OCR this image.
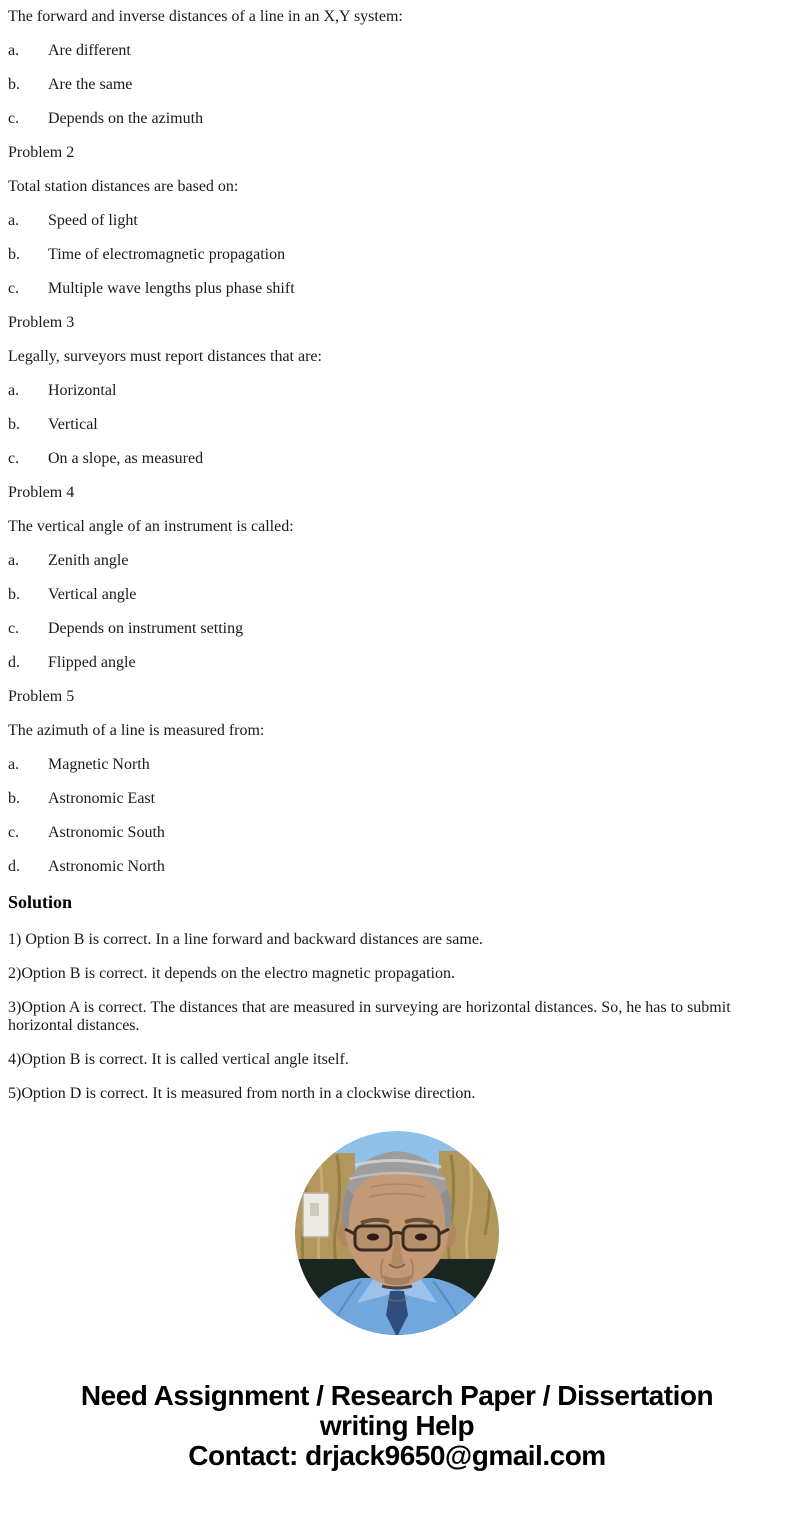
The forward and inverse distances of a line in an X,Y system:

a. Are different

b. Are the same

c. Depends on the azimuth

Problem 2

Total station distances are based on:

a. Speed of light

b. Time of electromagnetic propagation

c. Multiple wave lengths plus phase shift

Problem 3

Legally, surveyors must report distances that are:

a. Horizontal

b. Vertical

c. On a slope, as measured

Problem 4

The vertical angle of an instrument is called:

a. Zenith angle

b. Vertical angle

c. Depends on instrument setting

d. Flipped angle

Problem 5

The azimuth of a line is measured from:

a. Magnetic North

b. Astronomic East

c. Astronomic South

d. Astronomic North

Solution

1) Option B is correct. In a line forward and backward distances are same.

2)Option B is correct. it depends on the electro magnetic propagation.

3)Option A is correct. The distances that are measured in surveying are horizontal distances. So, he has to submit horizontal distances.

4)Option B is correct. It is called vertical angle itself.

5)Option D is correct. It is measured from north in a clockwise direction.

Need Assignment / Research Paper / Dissertation
writing Help
Contact: drjack9650@gmail.com
